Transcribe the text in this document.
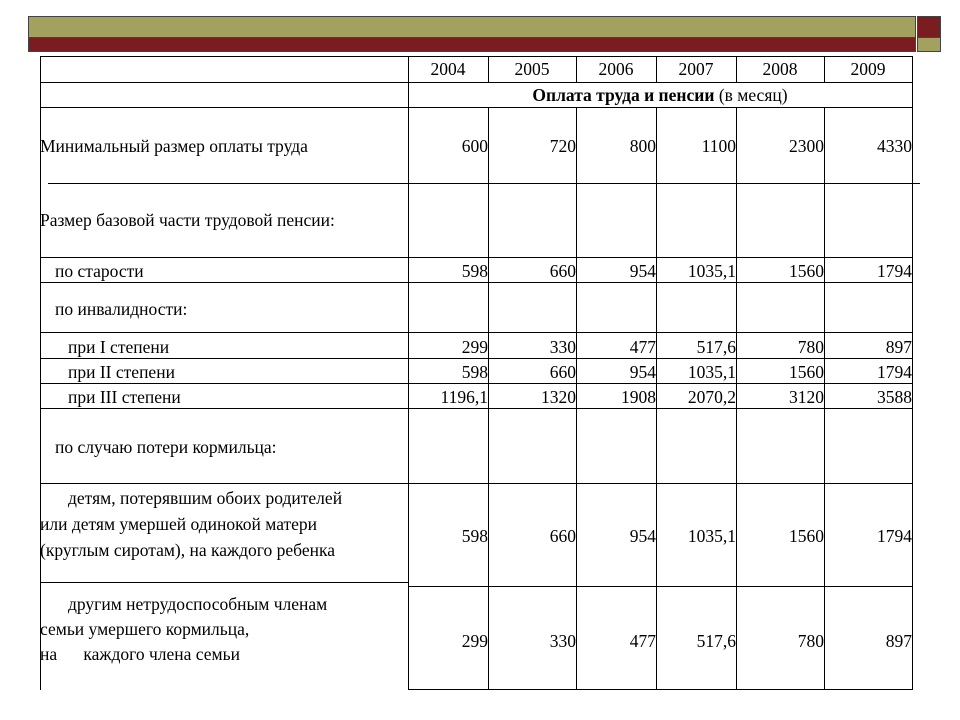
2004	2005	2006	2007	2008	2009
Оплата труда и пенсии (в месяц)
Минимальный размер оплаты труда	600	720	800	1100	2300	4330
Размер базовой части трудовой пенсии:
по старости	598	660	954	1035,1	1560	1794
по инвалидности:
при I степени	299	330	477	517,6	780	897
при II степени	598	660	954	1035,1	1560	1794
при III степени	1196,1	1320	1908	2070,2	3120	3588
по случаю потери кормильца:
детям, потерявшим обоих родителей
или детям умершей одинокой матери
(круглым сиротам), на каждого ребенка
598	660	954	1035,1	1560	1794
другим нетрудоспособным членам
семьи умершего кормильца,
на      каждого члена семьи
299	330	477	517,6	780	897
